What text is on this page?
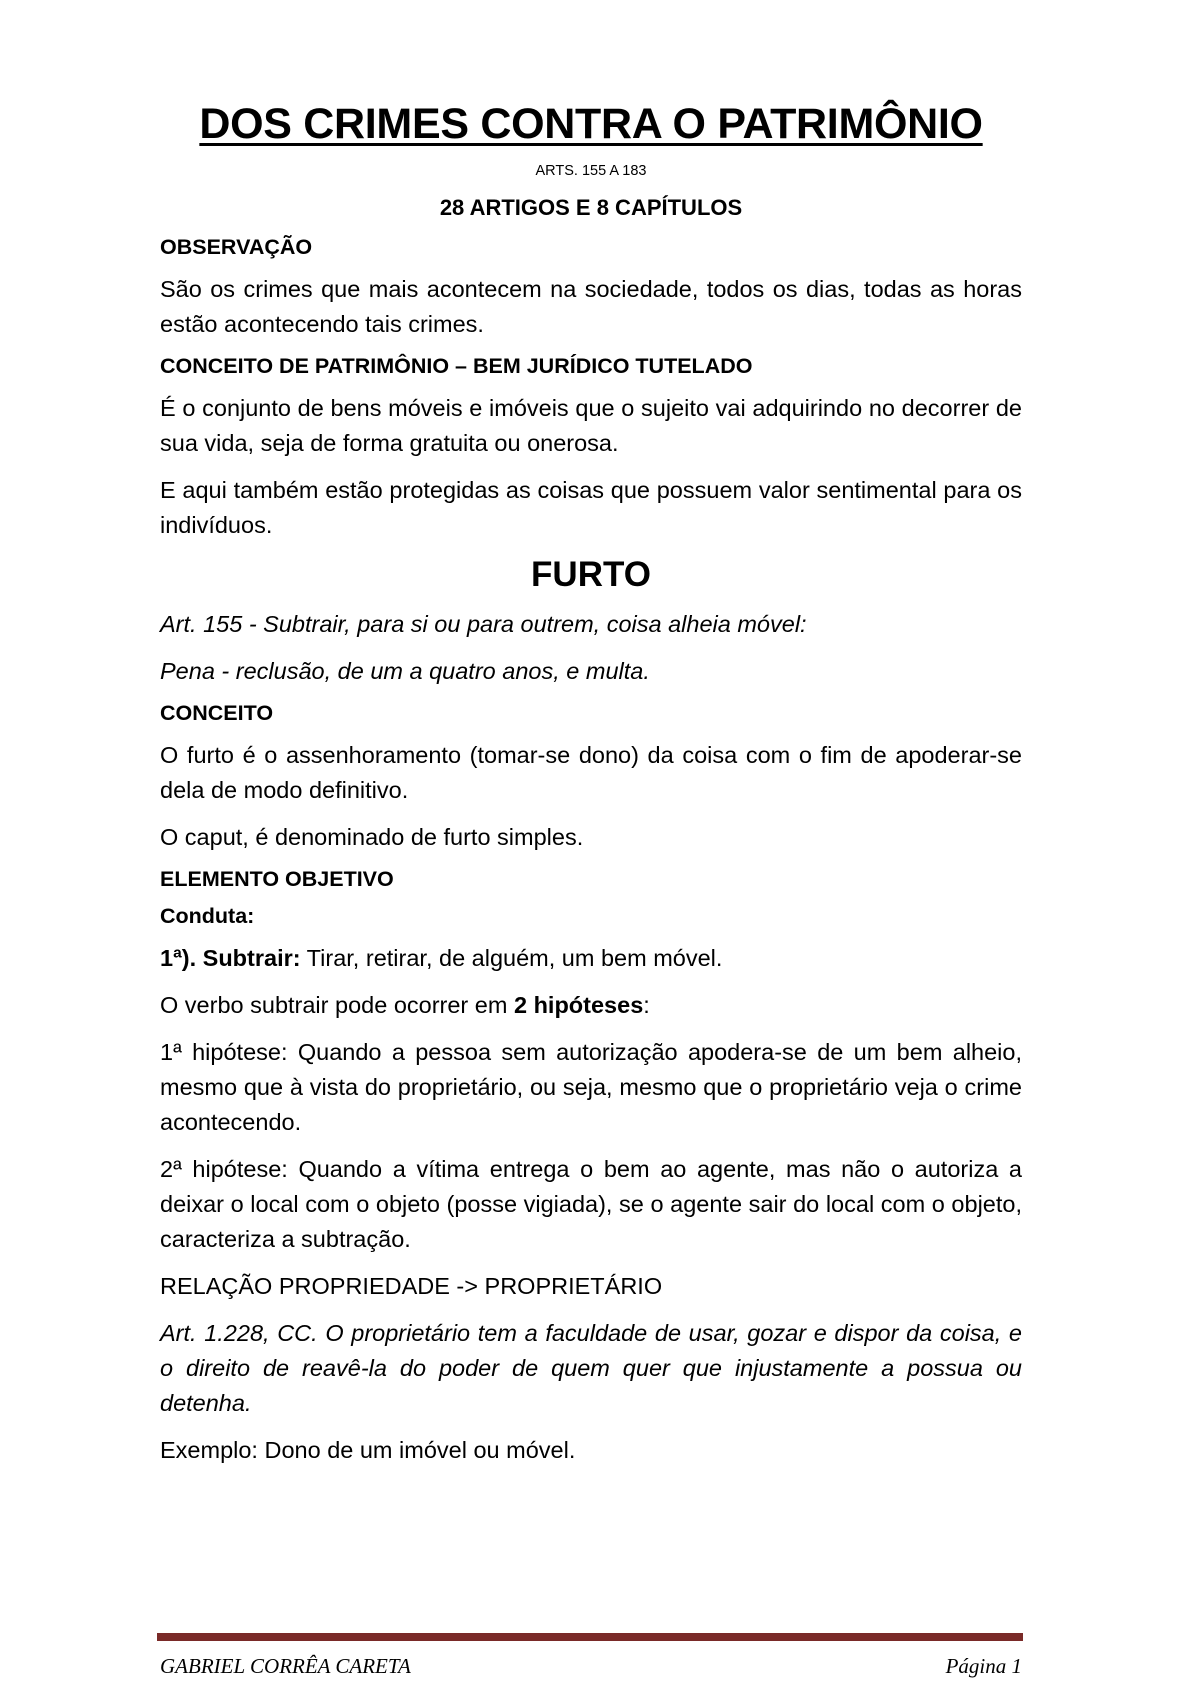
DOS CRIMES CONTRA O PATRIMÔNIO
ARTS. 155 A 183
28 ARTIGOS E 8 CAPÍTULOS
OBSERVAÇÃO
São os crimes que mais acontecem na sociedade, todos os dias, todas as horas estão acontecendo tais crimes.
CONCEITO DE PATRIMÔNIO – BEM JURÍDICO TUTELADO
É o conjunto de bens móveis e imóveis que o sujeito vai adquirindo no decorrer de sua vida, seja de forma gratuita ou onerosa.
E aqui também estão protegidas as coisas que possuem valor sentimental para os indivíduos.
FURTO
Art. 155 - Subtrair, para si ou para outrem, coisa alheia móvel:
Pena - reclusão, de um a quatro anos, e multa.
CONCEITO
O furto é o assenhoramento (tomar-se dono) da coisa com o fim de apoderar-se dela de modo definitivo.
O caput, é denominado de furto simples.
ELEMENTO OBJETIVO
Conduta:
1ª). Subtrair: Tirar, retirar, de alguém, um bem móvel.
O verbo subtrair pode ocorrer em 2 hipóteses:
1ª hipótese: Quando a pessoa sem autorização apodera-se de um bem alheio, mesmo que à vista do proprietário, ou seja, mesmo que o proprietário veja o crime acontecendo.
2ª hipótese: Quando a vítima entrega o bem ao agente, mas não o autoriza a deixar o local com o objeto (posse vigiada), se o agente sair do local com o objeto, caracteriza a subtração.
RELAÇÃO PROPRIEDADE -> PROPRIETÁRIO
Art. 1.228, CC. O proprietário tem a faculdade de usar, gozar e dispor da coisa, e o direito de reavê-la do poder de quem quer que injustamente a possua ou detenha.
Exemplo: Dono de um imóvel ou móvel.
GABRIEL CORRÊA CARETA	Página 1
